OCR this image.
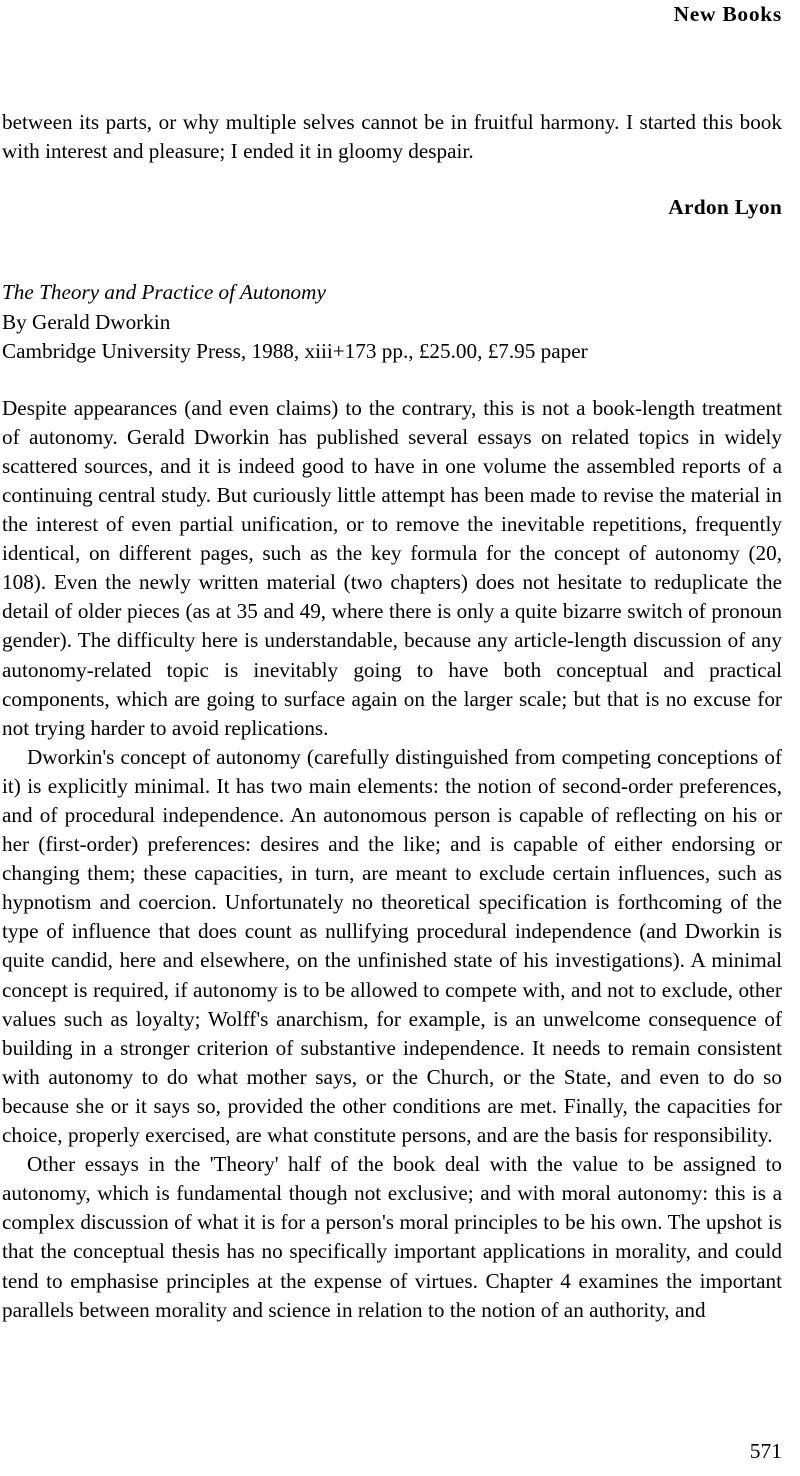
New Books

between its parts, or why multiple selves cannot be in fruitful harmony. I started this book with interest and pleasure; I ended it in gloomy despair.

Ardon Lyon

The Theory and Practice of Autonomy

By Gerald Dworkin

Cambridge University Press, 1988, xiii+173 pp., £25.00, £7.95 paper

Despite appearances (and even claims) to the contrary, this is not a book-length treatment of autonomy. Gerald Dworkin has published several essays on related topics in widely scattered sources, and it is indeed good to have in one volume the assembled reports of a continuing central study. But curiously little attempt has been made to revise the material in the interest of even partial unification, or to remove the inevitable repetitions, frequently identical, on different pages, such as the key formula for the concept of autonomy (20, 108). Even the newly written material (two chapters) does not hesitate to reduplicate the detail of older pieces (as at 35 and 49, where there is only a quite bizarre switch of pronoun gender). The difficulty here is understandable, because any article-length discussion of any autonomy-related topic is inevitably going to have both conceptual and practical components, which are going to surface again on the larger scale; but that is no excuse for not trying harder to avoid replications.

Dworkin's concept of autonomy (carefully distinguished from competing conceptions of it) is explicitly minimal. It has two main elements: the notion of second-order preferences, and of procedural independence. An autonomous person is capable of reflecting on his or her (first-order) preferences: desires and the like; and is capable of either endorsing or changing them; these capacities, in turn, are meant to exclude certain influences, such as hypnotism and coercion. Unfortunately no theoretical specification is forthcoming of the type of influence that does count as nullifying procedural independence (and Dworkin is quite candid, here and elsewhere, on the unfinished state of his investigations). A minimal concept is required, if autonomy is to be allowed to compete with, and not to exclude, other values such as loyalty; Wolff's anarchism, for example, is an unwelcome consequence of building in a stronger criterion of substantive independence. It needs to remain consistent with autonomy to do what mother says, or the Church, or the State, and even to do so because she or it says so, provided the other conditions are met. Finally, the capacities for choice, properly exercised, are what constitute persons, and are the basis for responsibility.

Other essays in the 'Theory' half of the book deal with the value to be assigned to autonomy, which is fundamental though not exclusive; and with moral autonomy: this is a complex discussion of what it is for a person's moral principles to be his own. The upshot is that the conceptual thesis has no specifically important applications in morality, and could tend to emphasise principles at the expense of virtues. Chapter 4 examines the important parallels between morality and science in relation to the notion of an authority, and

571
